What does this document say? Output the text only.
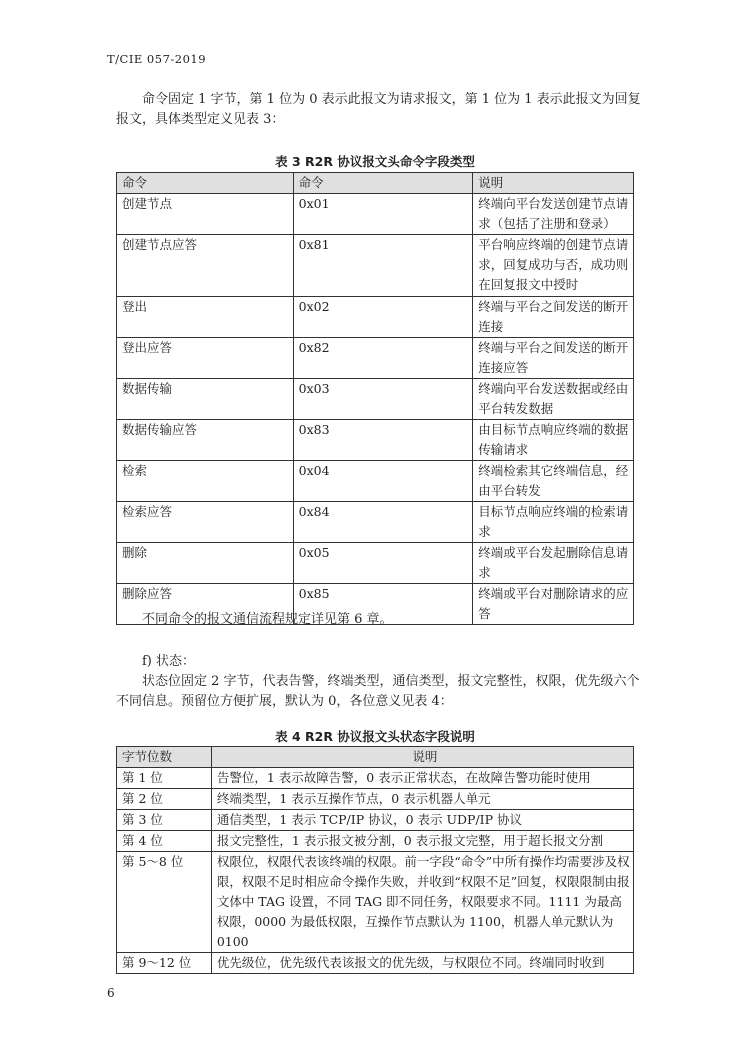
T/CIE 057-2019

命令固定 1 字节，第 1 位为 0 表示此报文为请求报文，第 1 位为 1 表示此报文为回复报文，具体类型定义见表 3：

表 3 R2R 协议报文头命令字段类型
命令	命令	说明
创建节点	0x01	终端向平台发送创建节点请求（包括了注册和登录）
创建节点应答	0x81	平台响应终端的创建节点请求，回复成功与否，成功则在回复报文中授时
登出	0x02	终端与平台之间发送的断开连接
登出应答	0x82	终端与平台之间发送的断开连接应答
数据传输	0x03	终端向平台发送数据或经由平台转发数据
数据传输应答	0x83	由目标节点响应终端的数据传输请求
检索	0x04	终端检索其它终端信息，经由平台转发
检索应答	0x84	目标节点响应终端的检索请求
删除	0x05	终端或平台发起删除信息请求
删除应答	0x85	终端或平台对删除请求的应答

不同命令的报文通信流程规定详见第 6 章。

f) 状态：

状态位固定 2 字节，代表告警，终端类型，通信类型，报文完整性，权限，优先级六个不同信息。预留位方便扩展，默认为 0，各位意义见表 4：

表 4 R2R 协议报文头状态字段说明
字节位数	说明
第 1 位	告警位，1 表示故障告警，0 表示正常状态，在故障告警功能时使用
第 2 位	终端类型，1 表示互操作节点，0 表示机器人单元
第 3 位	通信类型，1 表示 TCP/IP 协议，0 表示 UDP/IP 协议
第 4 位	报文完整性，1 表示报文被分割，0 表示报文完整，用于超长报文分割
第 5～8 位	权限位，权限代表该终端的权限。前一字段“命令”中所有操作均需要涉及权限，权限不足时相应命令操作失败，并收到“权限不足”回复，权限限制由报文体中 TAG 设置，不同 TAG 即不同任务，权限要求不同。1111 为最高权限，0000 为最低权限，互操作节点默认为 1100，机器人单元默认为 0100
第 9～12 位	优先级位，优先级代表该报文的优先级，与权限位不同。终端同时收到
6
